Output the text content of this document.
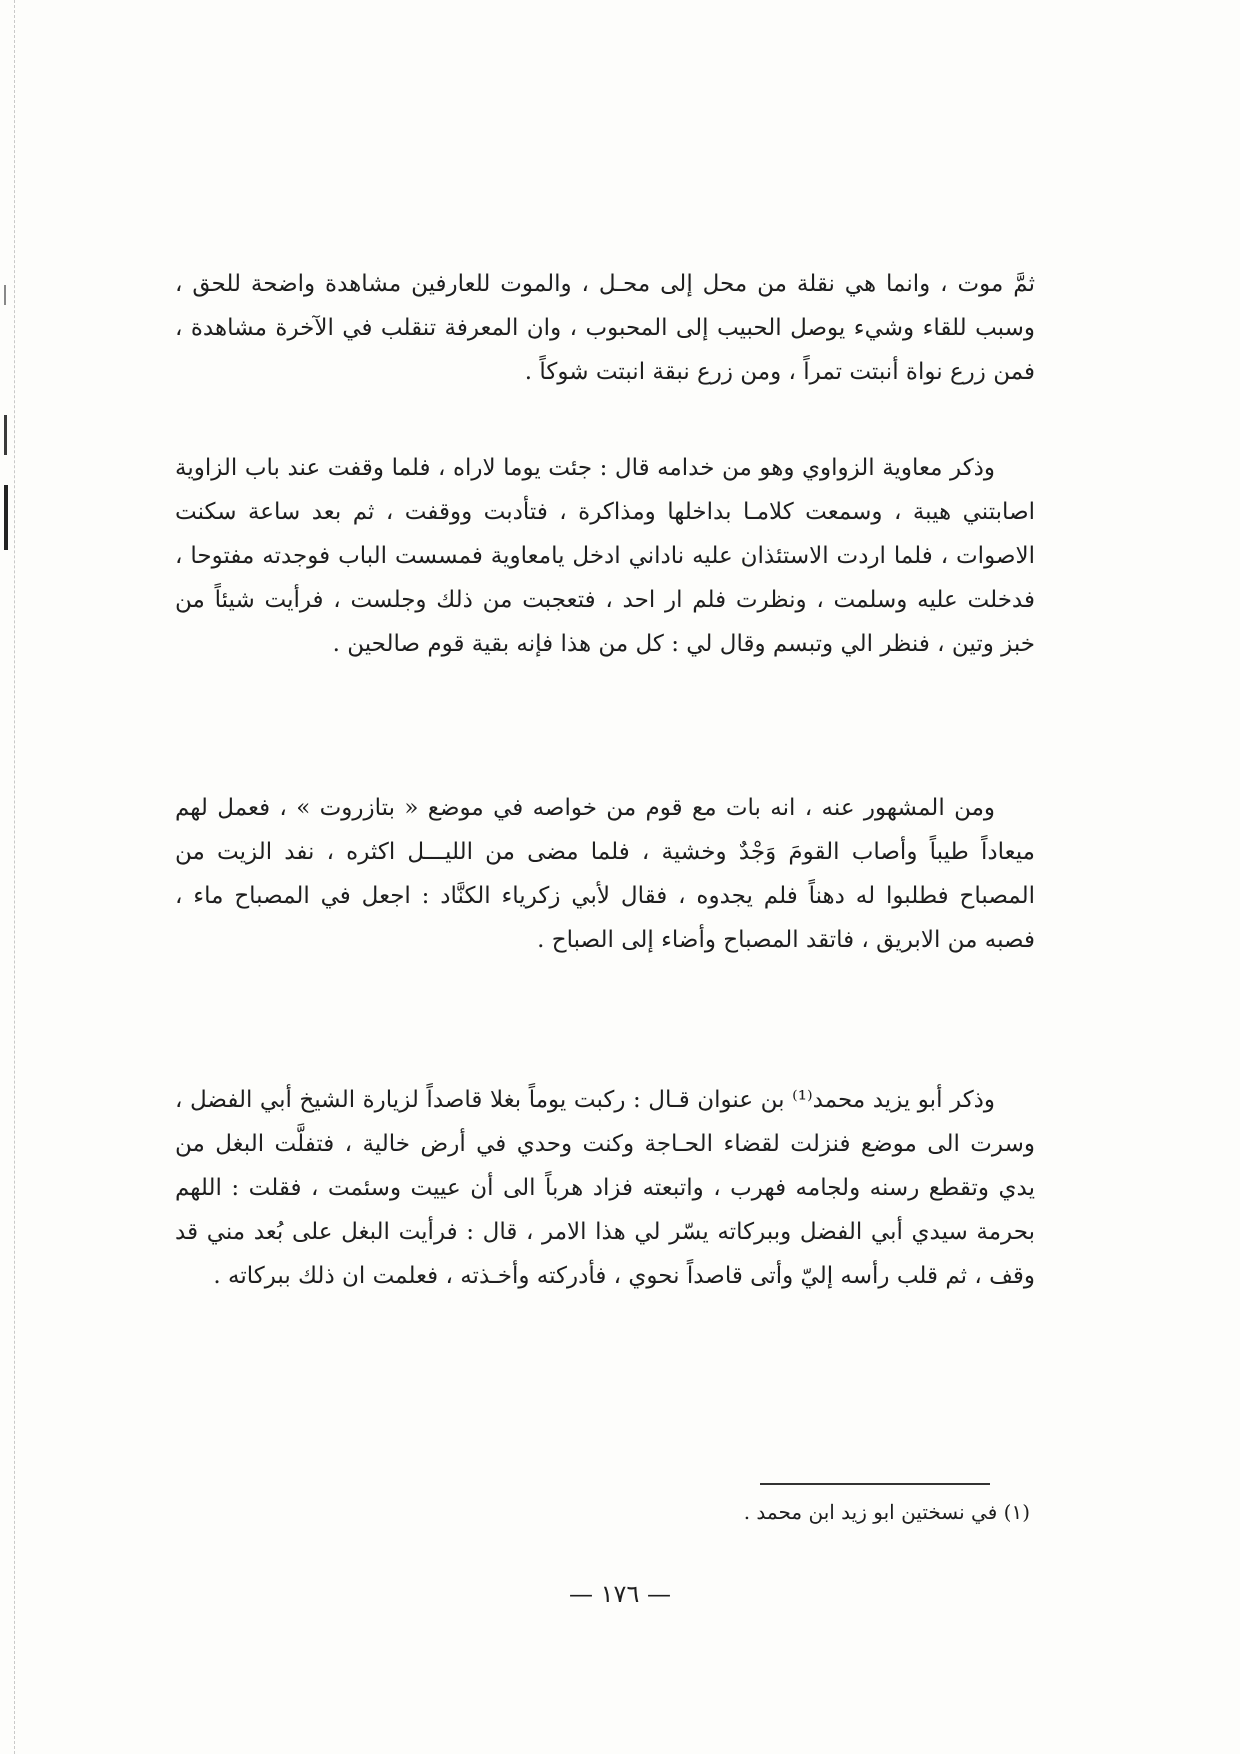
ثمَّ موت ، وانما هي نقلة من محل إلى محـل ، والموت للعارفين مشاهدة واضحة للحق ، وسبب للقاء وشيء يوصل الحبيب إلى المحبوب ، وان المعرفة تنقلب في الآخرة مشاهدة ، فمن زرع نواة أنبتت تمراً ، ومن زرع نبقة انبتت شوكاً .

وذكر معاوية الزواوي وهو من خدامه قال : جئت يوما لاراه ، فلما وقفت عند باب الزاوية اصابتني هيبة ، وسمعت كلامـا بداخلها ومذاكرة ، فتأدبت ووقفت ، ثم بعد ساعة سكنت الاصوات ، فلما اردت الاستئذان عليه ناداني ادخل يامعاوية فمسست الباب فوجدته مفتوحا ، فدخلت عليه وسلمت ، ونظرت فلم ار احد ، فتعجبت من ذلك وجلست ، فرأيت شيئاً من خبز وتين ، فنظر الي وتبسم وقال لي : كل من هذا فإنه بقية قوم صالحين .

ومن المشهور عنه ، انه بات مع قوم من خواصه في موضع « بتازروت » ، فعمل لهم ميعاداً طيباً وأصاب القومَ وَجْدٌ وخشية ، فلما مضى من الليـــل اكثره ، نفد الزيت من المصباح فطلبوا له دهناً فلم يجدوه ، فقال لأبي زكرياء الكنَّاد : اجعل في المصباح ماء ، فصبه من الابريق ، فاتقد المصباح وأضاء إلى الصباح .

وذكر أبو يزيد محمد⁽¹⁾ بن عنوان قـال : ركبت يوماً بغلا قاصداً لزيارة الشيخ أبي الفضل ، وسرت الى موضع فنزلت لقضاء الحـاجة وكنت وحدي في أرض خالية ، فتفلَّت البغل من يدي وتقطع رسنه ولجامه فهرب ، واتبعته فزاد هرباً الى أن عييت وسئمت ، فقلت : اللهم بحرمة سيدي أبي الفضل وببركاته يسّر لي هذا الامر ، قال : فرأيت البغل على بُعد مني قد وقف ، ثم قلب رأسه إليّ وأتى قاصداً نحوي ، فأدركته وأخـذته ، فعلمت ان ذلك ببركاته .

(١) في نسختين ابو زيد ابن محمد .
— ١٧٦ —
